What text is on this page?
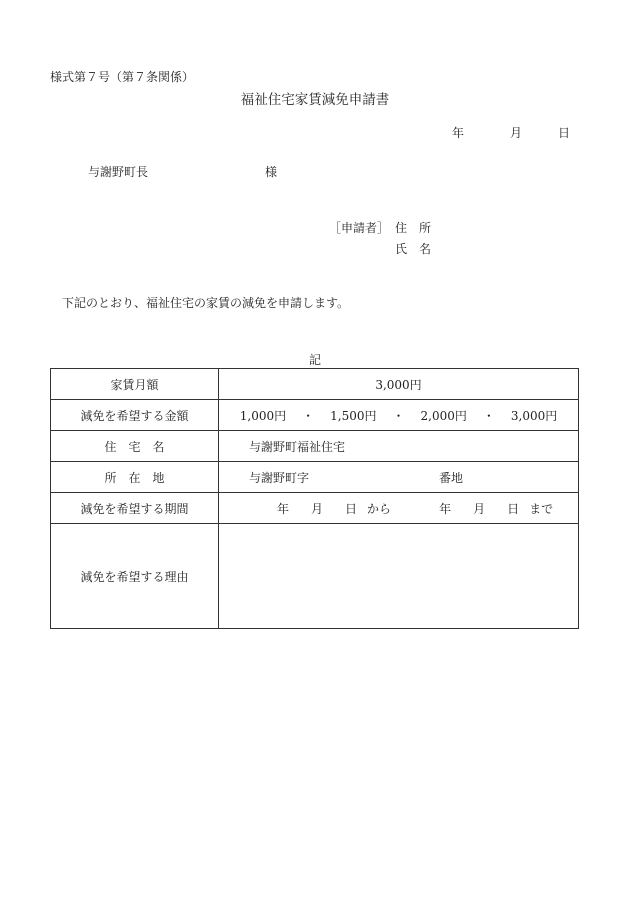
様式第７号（第７条関係）
福祉住宅家賃減免申請書
年	月	日
与謝野町長	様
［申請者］ 住　所
氏　名
下記のとおり、福祉住宅の家賃の減免を申請します。
記
家賃月額	3,000円
減免を希望する金額	1,000円 ・ 1,500円 ・ 2,000円 ・ 3,000円
住　宅　名	与謝野町福祉住宅
所　在　地	与謝野町字 番地
減免を希望する期間	年 月 日 から 年 月 日 まで
減免を希望する理由	
